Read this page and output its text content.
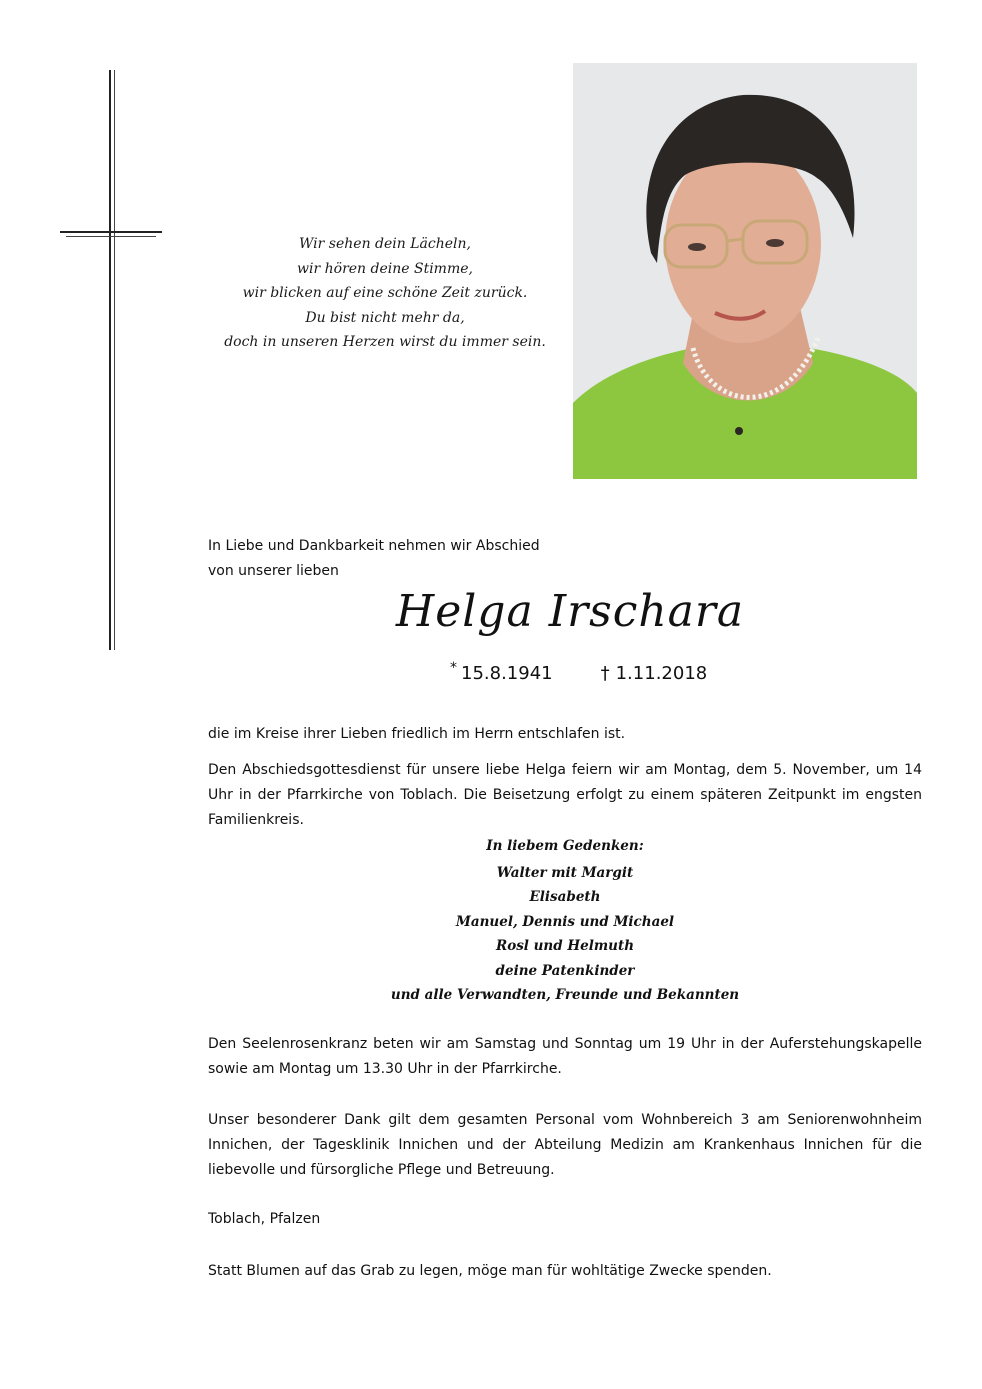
Wir sehen dein Lächeln,
wir hören deine Stimme,
wir blicken auf eine schöne Zeit zurück.
Du bist nicht mehr da,
doch in unseren Herzen wirst du immer sein.
In Liebe und Dankbarkeit nehmen wir Abschied
von unserer lieben
Helga Irschara
* 15.8.1941	† 1.11.2018
die im Kreise ihrer Lieben friedlich im Herrn entschlafen ist.
Den Abschiedsgottesdienst für unsere liebe Helga feiern wir am Montag, dem 5. November, um 14 Uhr in der Pfarrkirche von Toblach. Die Beisetzung erfolgt zu einem späteren Zeitpunkt im engsten Familienkreis.
In liebem Gedenken:
Walter mit Margit
Elisabeth
Manuel, Dennis und Michael
Rosl und Helmuth
deine Patenkinder
und alle Verwandten, Freunde und Bekannten
Den Seelenrosenkranz beten wir am Samstag und Sonntag um 19 Uhr in der Auferstehungskapelle sowie am Montag um 13.30 Uhr in der Pfarrkirche.
Unser besonderer Dank gilt dem gesamten Personal vom Wohnbereich 3 am Seniorenwohnheim Innichen, der Tagesklinik Innichen und der Abteilung Medizin am Krankenhaus Innichen für die liebevolle und fürsorgliche Pflege und Betreuung.
Toblach, Pfalzen
Statt Blumen auf das Grab zu legen, möge man für wohltätige Zwecke spenden.
